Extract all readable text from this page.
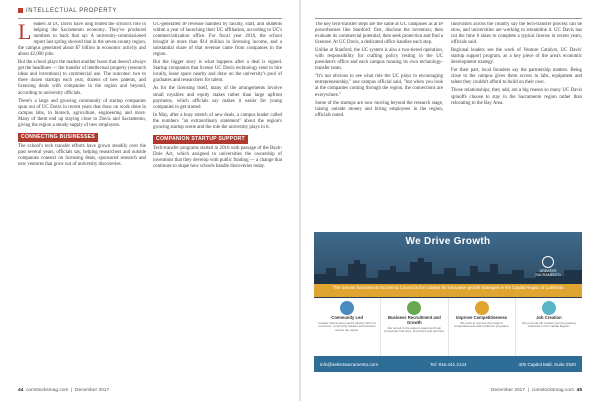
INTELLECTUAL PROPERTY

Leaders at UC Davis have long touted the school's role in helping the Sacramento economy. They've produced numbers to back that up: A university-commissioned report last spring showed that in the seven-county region, the campus generated about $7 billion in economic activity and about 42,000 jobs.

But the school plays the market another boost that doesn't always get the headlines — the transfer of intellectual property (research ideas and inventions) to commercial use. The outcome: two to three dozen startups each year, dozens of new patents, and licensing deals with companies in the region and beyond, according to university officials.

There's a large and growing community of startup companies spun out of UC Davis in recent years that draw on work done in campus labs, in biotech, agriculture, engineering and more. Many of them end up staying close to Davis and Sacramento, giving the region a steady supply of new employers.

CONNECTING BUSINESSES

The school's tech transfer efforts have grown steadily over the past several years, officials say, helping researchers and outside companies connect on licensing deals, sponsored research and new ventures that grow out of university discoveries.

UC-generated IP revenue handled by faculty, staff, and students within a year of launching their UC affiliation, according to UC's commercialization office. For fiscal year 2016, the school brought in more than $14 million in licensing income, and a substantial share of that revenue came from companies in the region.

But the bigger story is what happens after a deal is signed. Startup companies that license UC Davis technology tend to hire locally, lease space nearby and draw on the university's pool of graduates and researchers for talent.

As for the licensing itself, many of the arrangements involve small royalties and equity stakes rather than large upfront payments, which officials say makes it easier for young companies to get started.

In May, after a busy stretch of new deals, a campus leader called the numbers "an extraordinary statement" about the region's growing startup scene and the role the university plays in it.

COMPANION STARTUP SUPPORT

Tech-transfer programs started in 2016 with passage of the Bayh-Dole Act, which assigned to universities the ownership of inventions that they develop with public funding — a change that continues to shape how schools handle discoveries today.

The key tech-transfer steps are the same at UC campuses as at IP powerhouses like Stanford: first, disclose the invention; then evaluate its commercial potential; then seek protection and find a licensee. At UC Davis, a dedicated office handles each step.

Unlike at Stanford, the UC system is also a two-tiered operation, with responsibility for crafting policy resting in the UC president's office and each campus running its own technology-transfer team.

"It's not obvious to see what role the UC plays in encouraging entrepreneurship," one campus official said, "but when you look at the companies coming through the region, the connections are everywhere."

Some of the startups are now moving beyond the research stage, raising outside money and hiring employees in the region, officials noted.

Innovators across the country say the tech-transfer process can be slow, and universities are working to streamline it. UC Davis has cut the time it takes to complete a typical license in recent years, officials said.

Regional leaders see the work of Venture Catalyst, UC Davis' startup support program, as a key piece of the area's economic development strategy.

For their part, local founders say the partnership matters. Being close to the campus gives them access to labs, equipment and talent they couldn't afford to build on their own.

Those relationships, they add, are a big reason so many UC Davis spinoffs choose to stay in the Sacramento region rather than relocating to the Bay Area.

We Drive Growth
GREATER
SACRAMENTO
The Greater Sacramento Economic Council is the catalyst for innovative growth strategies in the Capital Region of California
Community Led
Greater Sacramento works directly with our members, community leaders and partners across the region.
Business Recruitment and Growth
We recruit in the region's talent and help companies find sites, incentives and partners.
Improve Competitiveness
We work to improve the region's competitiveness and workforce programs.
Job Creation
We promote job creation across growing industries in the Capital Region.
info@selectsacramento.com	Tel: 916.441.2144	400 Capitol Mall, Suite 2520
44 comstocksmag.com  |  December 2017	December 2017  |  comstocksmag.com 45
